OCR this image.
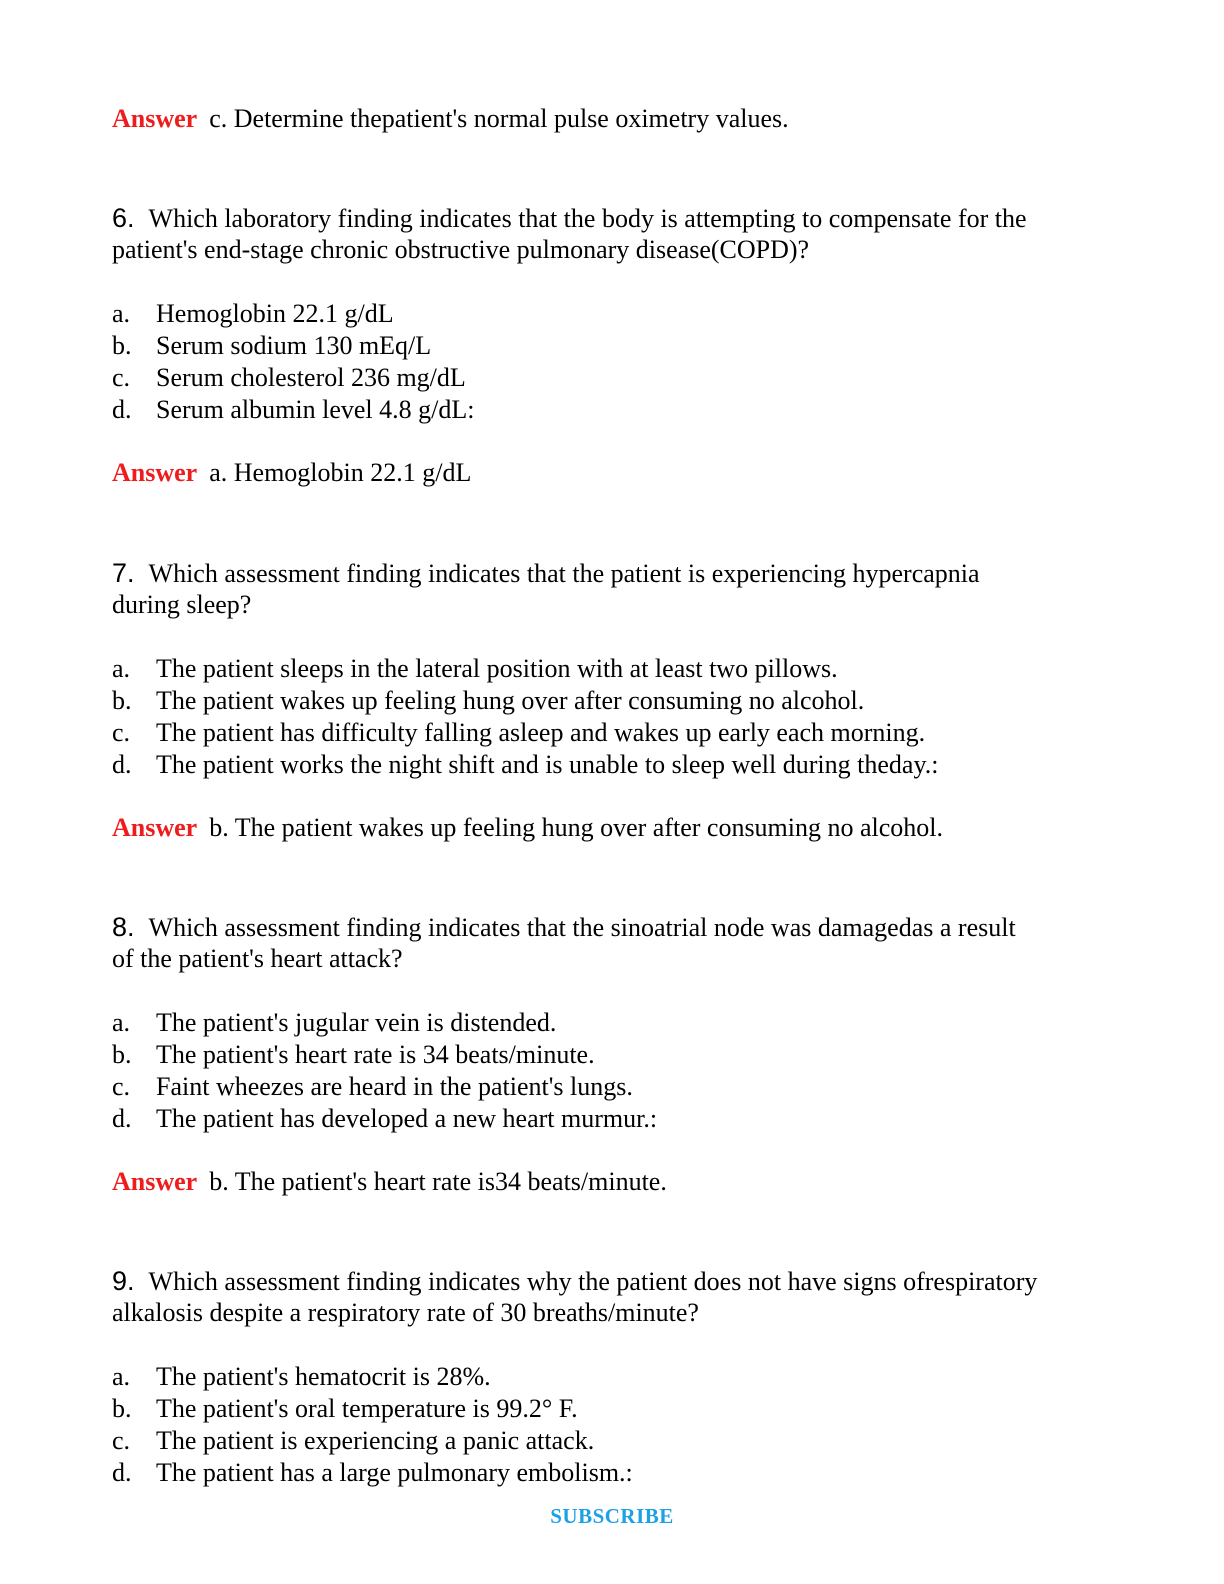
Answer c. Determine thepatient's normal pulse oximetry values.
6. Which laboratory finding indicates that the body is attempting to compensate for the
patient's end-stage chronic obstructive pulmonary disease(COPD)?
a. Hemoglobin 22.1 g/dL
b. Serum sodium 130 mEq/L
c. Serum cholesterol 236 mg/dL
d. Serum albumin level 4.8 g/dL:
Answer a. Hemoglobin 22.1 g/dL
7. Which assessment finding indicates that the patient is experiencing hypercapnia
during sleep?
a. The patient sleeps in the lateral position with at least two pillows.
b. The patient wakes up feeling hung over after consuming no alcohol.
c. The patient has difficulty falling asleep and wakes up early each morning.
d. The patient works the night shift and is unable to sleep well during theday.:
Answer b. The patient wakes up feeling hung over after consuming no alcohol.
8. Which assessment finding indicates that the sinoatrial node was damagedas a result
of the patient's heart attack?
a. The patient's jugular vein is distended.
b. The patient's heart rate is 34 beats/minute.
c. Faint wheezes are heard in the patient's lungs.
d. The patient has developed a new heart murmur.:
Answer b. The patient's heart rate is34 beats/minute.
9. Which assessment finding indicates why the patient does not have signs ofrespiratory
alkalosis despite a respiratory rate of 30 breaths/minute?
a. The patient's hematocrit is 28%.
b. The patient's oral temperature is 99.2° F.
c. The patient is experiencing a panic attack.
d. The patient has a large pulmonary embolism.:
SUBSCRIBE
